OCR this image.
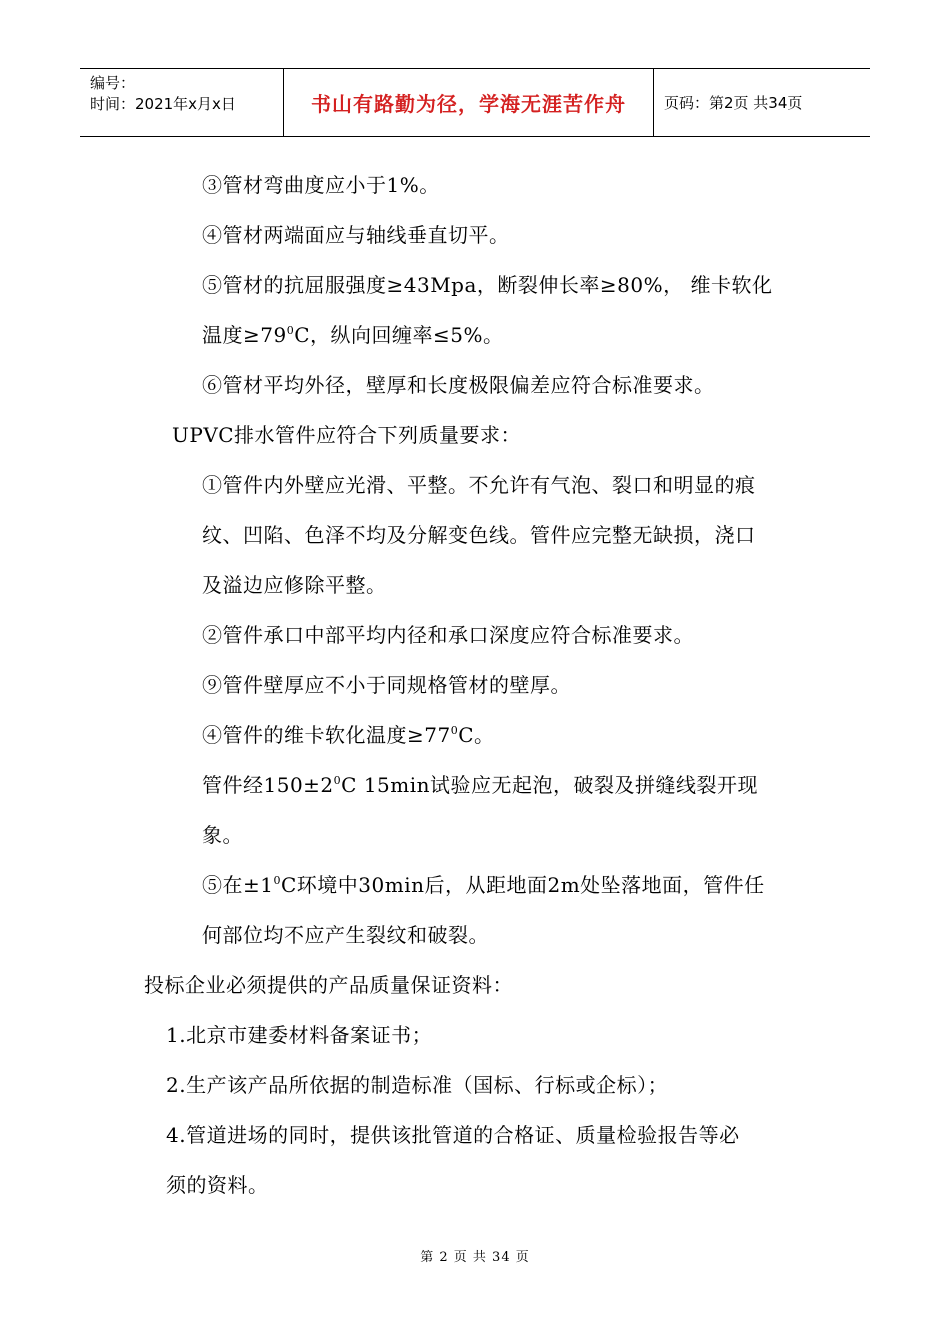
编号：
时间：2021年x月x日	书山有路勤为径，学海无涯苦作舟	页码：第2页 共34页
③管材弯曲度应小于1%。
④管材两端面应与轴线垂直切平。
⑤管材的抗屈服强度≥43Mpa，断裂伸长率≥80%， 维卡软化
温度$\ge 79^0C$，纵向回缠率≤5%。
⑥管材平均外径，壁厚和长度极限偏差应符合标准要求。
UPVC排水管件应符合下列质量要求：
①管件内外壁应光滑、平整。不允许有气泡、裂口和明显的痕
纹、凹陷、色泽不均及分解变色线。管件应完整无缺损，浇口
及溢边应修除平整。
②管件承口中部平均内径和承口深度应符合标准要求。
⑨管件壁厚应不小于同规格管材的壁厚。
④管件的维卡软化温度$\ge 77^0C$。
管件经$150\pm 2^0C$ 15min试验应无起泡，破裂及拼缝线裂开现
象。
⑤在$\pm 1^0C$环境中30min后，从距地面2m处坠落地面，管件任
何部位均不应产生裂纹和破裂。
投标企业必须提供的产品质量保证资料：
1.北京市建委材料备案证书；
2.生产该产品所依据的制造标准（国标、行标或企标）；
4.管道进场的同时，提供该批管道的合格证、质量检验报告等必
须的资料。
第 2 页 共 34 页
